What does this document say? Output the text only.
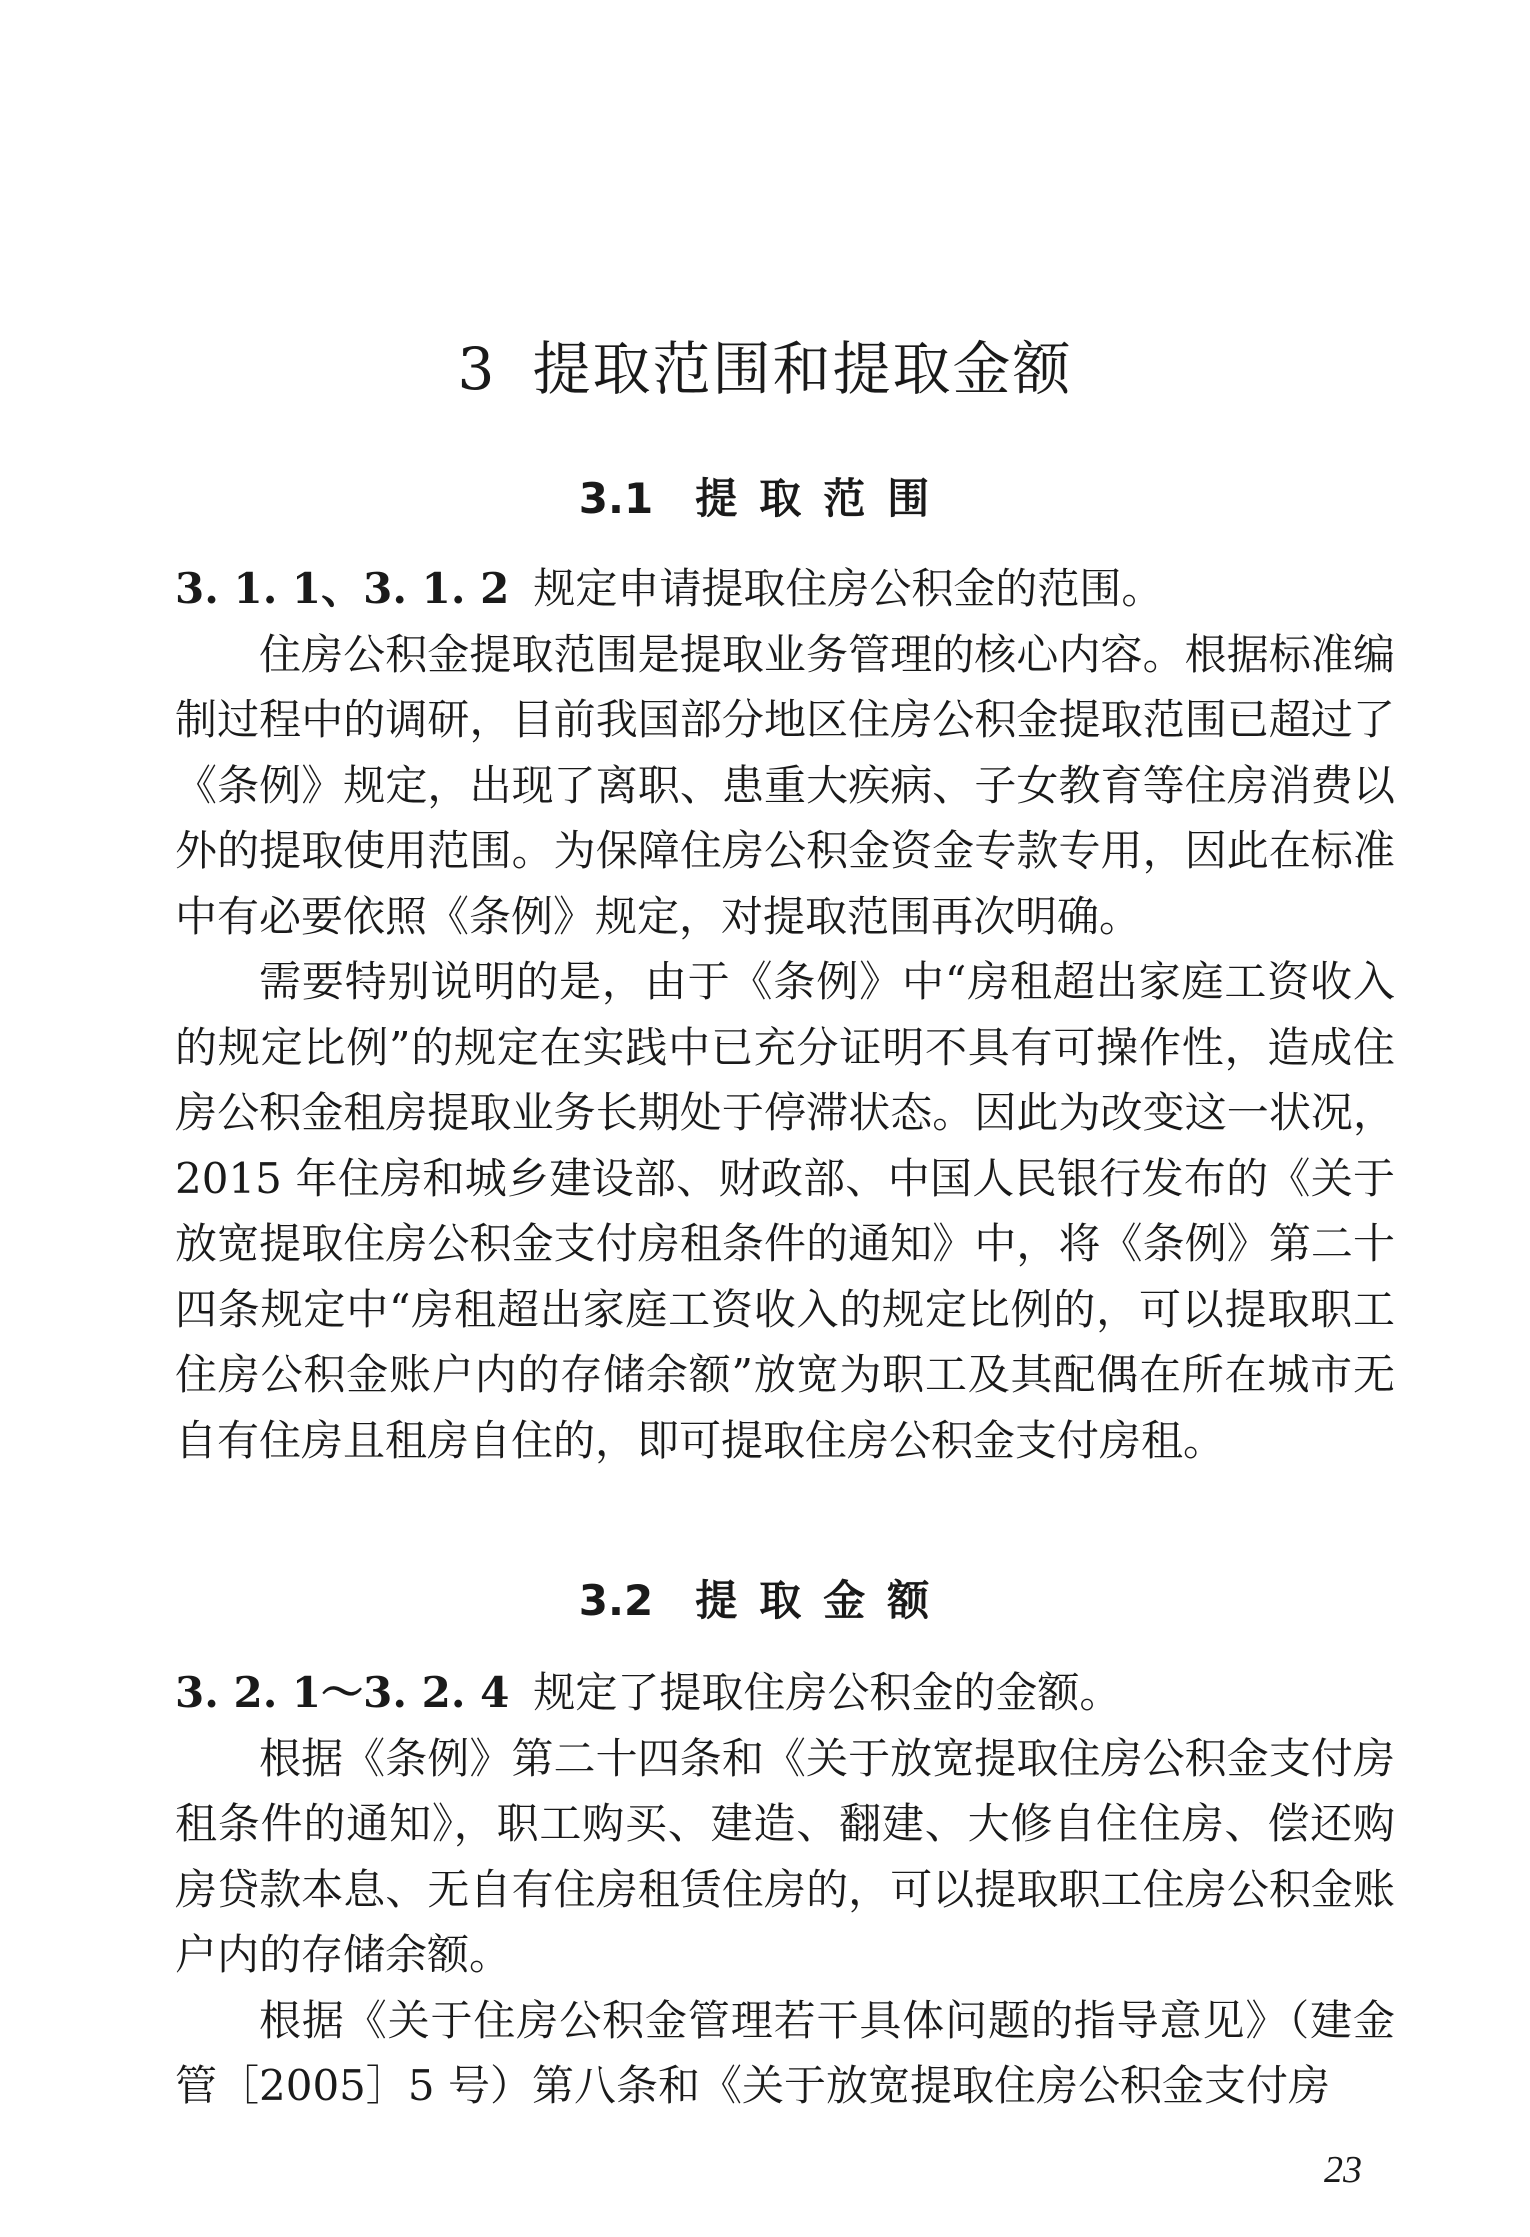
3 提取范围和提取金额
3.1 提取范围

3. 1. 1、3. 1. 2 规定申请提取住房公积金的范围。

住房公积金提取范围是提取业务管理的核心内容。根据标准编制过程中的调研，目前我国部分地区住房公积金提取范围已超过了《条例》规定，出现了离职、患重大疾病、子女教育等住房消费以外的提取使用范围。为保障住房公积金资金专款专用，因此在标准中有必要依照《条例》规定，对提取范围再次明确。

需要特别说明的是，由于《条例》中“房租超出家庭工资收入的规定比例”的规定在实践中已充分证明不具有可操作性，造成住房公积金租房提取业务长期处于停滞状态。因此为改变这一状况，2015 年住房和城乡建设部、财政部、中国人民银行发布的《关于放宽提取住房公积金支付房租条件的通知》中，将《条例》第二十四条规定中“房租超出家庭工资收入的规定比例的，可以提取职工住房公积金账户内的存储余额”放宽为职工及其配偶在所在城市无自有住房且租房自住的，即可提取住房公积金支付房租。

3.2 提取金额

3. 2. 1～3. 2. 4 规定了提取住房公积金的金额。

根据《条例》第二十四条和《关于放宽提取住房公积金支付房租条件的通知》，职工购买、建造、翻建、大修自住住房、偿还购房贷款本息、无自有住房租赁住房的，可以提取职工住房公积金账户内的存储余额。

根据《关于住房公积金管理若干具体问题的指导意见》（建金管［2005］5 号）第八条和《关于放宽提取住房公积金支付房

23
